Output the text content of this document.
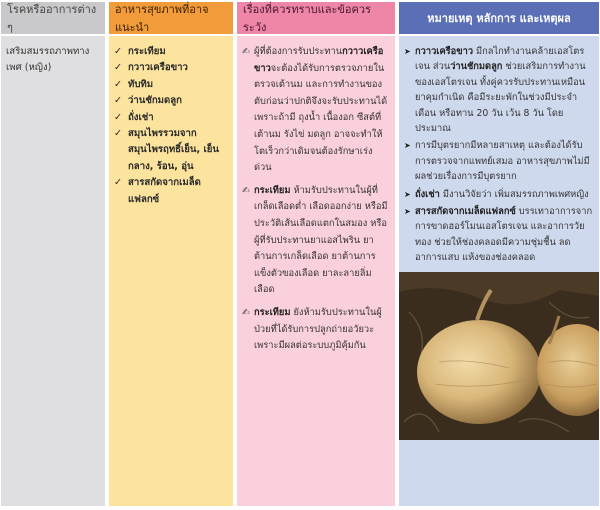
โรคหรืออาการต่าง ๆ
เสริมสมรรถภาพทางเพศ (หญิง)
อาหารสุขภาพที่อาจแนะนำ
✓ กระเทียม
✓ กวาวเครือขาว
✓ ทับทิม
✓ ว่านชักมดลูก
✓ ถั่งเช่า
✓ สมุนไพรรวมจากสมุนไพรฤทธิ์เย็น, เย็นกลาง, ร้อน, อุ่น
✓ สารสกัดจากเมล็ดแฟลกซ์
เรื่องที่ควรทราบและข้อควรระวัง
✍ ผู้ที่ต้องการรับประทานกวาวเครือขาวจะต้องได้รับการตรวจภายใน ตรวจเต้านม และการทำงานของตับก่อนว่าปกติจึงจะรับประทานได้ เพราะถ้ามี ถุงน้ำ เนื้องอก ซีสต์ที่เต้านม รังไข่ มดลูก อาจจะทำให้โตเร็วกว่าเดิมจนต้องรักษาเร่งด่วน
✍ กระเทียม ห้ามรับประทานในผู้ที่เกล็ดเลือดต่ำ เลือดออกง่าย หรือมีประวัติเส้นเลือดแตกในสมอง หรือผู้ที่รับประทานยาแอสไพริน ยาต้านการเกล็ดเลือด ยาต้านการแข็งตัวของเลือด ยาละลายลิ่มเลือด
✍ กระเทียม ยังห้ามรับประทานในผู้ป่วยที่ได้รับการปลูกถ่ายอวัยวะ เพราะมีผลต่อระบบภูมิคุ้มกัน
หมายเหตุ หลักการ และเหตุผล
➤ กวาวเครือขาว มีกลไกทำงานคล้ายเอสโตรเจน ส่วนว่านชักมดลูก ช่วยเสริมการทำงานของเอสโตรเจน ทั้งคู่ควรรับประทานเหมือนยาคุมกำเนิด คือมีระยะพักในช่วงมีประจำเดือน หรือทาน 20 วัน เว้น 8 วัน โดยประมาณ
➤ การมีบุตรยากมีหลายสาเหตุ และต้องได้รับการตรวจจากแพทย์เสมอ อาหารสุขภาพไม่มีผลช่วยเรื่องการมีบุตรยาก
➤ ถั่งเช่า มีงานวิจัยว่า เพิ่มสมรรถภาพเพศหญิง
➤ สารสกัดจากเมล็ดแฟลกซ์ บรรเทาอาการจากการขาดฮอร์โมนเอสโตรเจน และอาการวัยทอง ช่วยให้ช่องคลอดมีความชุ่มชื้น ลดอาการแสบ แห้งของช่องคลอด
